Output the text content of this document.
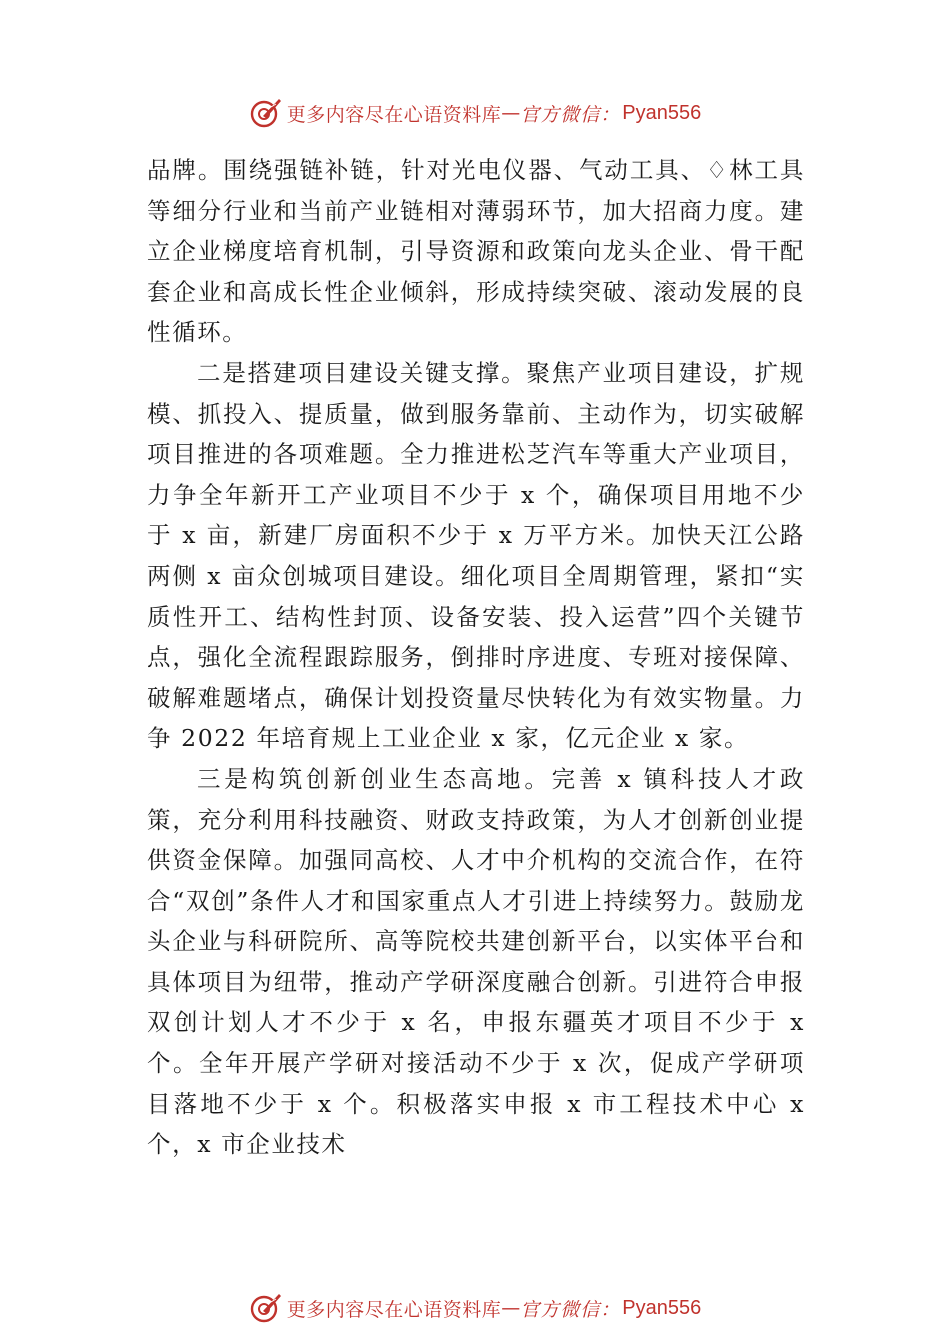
更多内容尽在心语资料库 — 官方微信： Pyan556

品牌。围绕强链补链，针对光电仪器、气动工具、♢林工具等细分行业和当前产业链相对薄弱环节，加大招商力度。建立企业梯度培育机制，引导资源和政策向龙头企业、骨干配套企业和高成长性企业倾斜，形成持续突破、滚动发展的良性循环。

二是搭建项目建设关键支撑。聚焦产业项目建设，扩规模、抓投入、提质量，做到服务靠前、主动作为，切实破解项目推进的各项难题。全力推进松芝汽车等重大产业项目，力争全年新开工产业项目不少于 x 个，确保项目用地不少于 x 亩，新建厂房面积不少于 x 万平方米。加快天江公路两侧 x 亩众创城项目建设。细化项目全周期管理，紧扣“实质性开工、结构性封顶、设备安装、投入运营”四个关键节点，强化全流程跟踪服务，倒排时序进度、专班对接保障、破解难题堵点，确保计划投资量尽快转化为有效实物量。力争 2022 年培育规上工业企业 x 家，亿元企业 x 家。

三是构筑创新创业生态高地。完善 x 镇科技人才政策，充分利用科技融资、财政支持政策，为人才创新创业提供资金保障。加强同高校、人才中介机构的交流合作，在符合“双创”条件人才和国家重点人才引进上持续努力。鼓励龙头企业与科研院所、高等院校共建创新平台，以实体平台和具体项目为纽带，推动产学研深度融合创新。引进符合申报双创计划人才不少于 x 名，申报东疆英才项目不少于 x 个。全年开展产学研对接活动不少于 x 次，促成产学研项目落地不少于 x 个。积极落实申报 x 市工程技术中心 x 个，x 市企业技术

更多内容尽在心语资料库 — 官方微信： Pyan556
